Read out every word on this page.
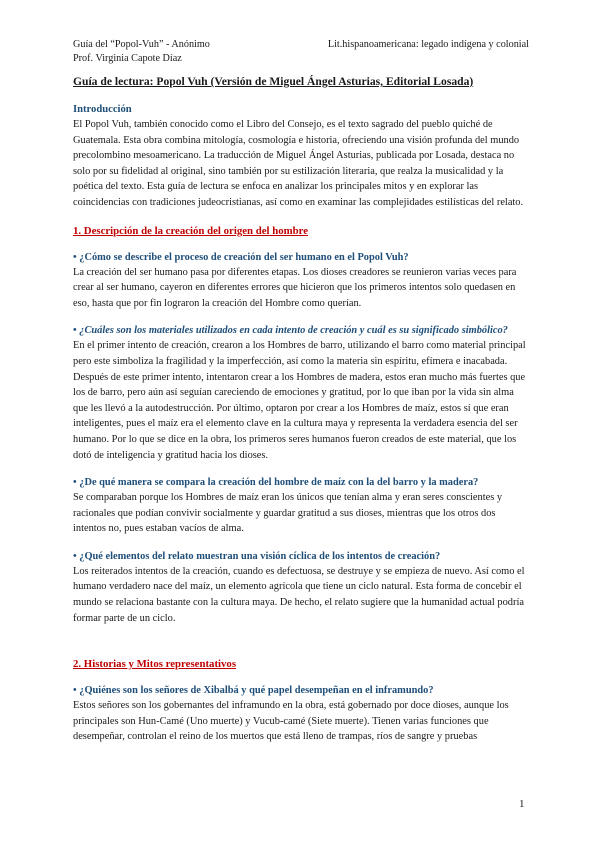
Guía del “Popol-Vuh” - Anónimo	Lit.hispanoamericana: legado indígena y colonial
Prof. Virginia Capote Díaz
Guía de lectura: Popol Vuh (Versión de Miguel Ángel Asturias, Editorial Losada)
Introducción

El Popol Vuh, también conocido como el Libro del Consejo, es el texto sagrado del pueblo quiché de Guatemala. Esta obra combina mitología, cosmología e historia, ofreciendo una visión profunda del mundo precolombino mesoamericano. La traducción de Miguel Ángel Asturias, publicada por Losada, destaca no solo por su fidelidad al original, sino también por su estilización literaria, que realza la musicalidad y la poética del texto. Esta guía de lectura se enfoca en analizar los principales mitos y en explorar las coincidencias con tradiciones judeocristianas, así como en examinar las complejidades estilísticas del relato.

1. Descripción de la creación del origen del hombre
• ¿Cómo se describe el proceso de creación del ser humano en el Popol Vuh?

La creación del ser humano pasa por diferentes etapas. Los dioses creadores se reunieron varias veces para crear al ser humano, cayeron en diferentes errores que hicieron que los primeros intentos solo quedasen en eso, hasta que por fin lograron la creación del Hombre como querían.

• ¿Cuáles son los materiales utilizados en cada intento de creación y cuál es su significado simbólico?

En el primer intento de creación, crearon a los Hombres de barro, utilizando el barro como material principal pero este simboliza la fragilidad y la imperfección, así como la materia sin espíritu, efímera e inacabada. Después de este primer intento, intentaron crear a los Hombres de madera, estos eran mucho más fuertes que los de barro, pero aún así seguían careciendo de emociones y gratitud, por lo que iban por la vida sin alma que les llevó a la autodestrucción. Por último, optaron por crear a los Hombres de maíz, estos sí que eran inteligentes, pues el maíz era el elemento clave en la cultura maya y representa la verdadera esencia del ser humano. Por lo que se dice en la obra, los primeros seres humanos fueron creados de este material, que los dotó de inteligencia y gratitud hacia los dioses.

• ¿De qué manera se compara la creación del hombre de maíz con la del barro y la madera?

Se comparaban porque los Hombres de maíz eran los únicos que tenían alma y eran seres conscientes y racionales que podían convivir socialmente y guardar gratitud a sus dioses, mientras que los otros dos intentos no, pues estaban vacíos de alma.

• ¿Qué elementos del relato muestran una visión cíclica de los intentos de creación?

Los reiterados intentos de la creación, cuando es defectuosa, se destruye y se empieza de nuevo. Así como el humano verdadero nace del maíz, un elemento agrícola que tiene un ciclo natural. Esta forma de concebir el mundo se relaciona bastante con la cultura maya. De hecho, el relato sugiere que la humanidad actual podría formar parte de un ciclo.

2. Historias y Mitos representativos
• ¿Quiénes son los señores de Xibalbá y qué papel desempeñan en el inframundo?

Estos señores son los gobernantes del inframundo en la obra, está gobernado por doce dioses, aunque los principales son Hun-Camé (Uno muerte) y Vucub-camé (Siete muerte). Tienen varias funciones que desempeñar, controlan el reino de los muertos que está lleno de trampas, ríos de sangre y pruebas

1
